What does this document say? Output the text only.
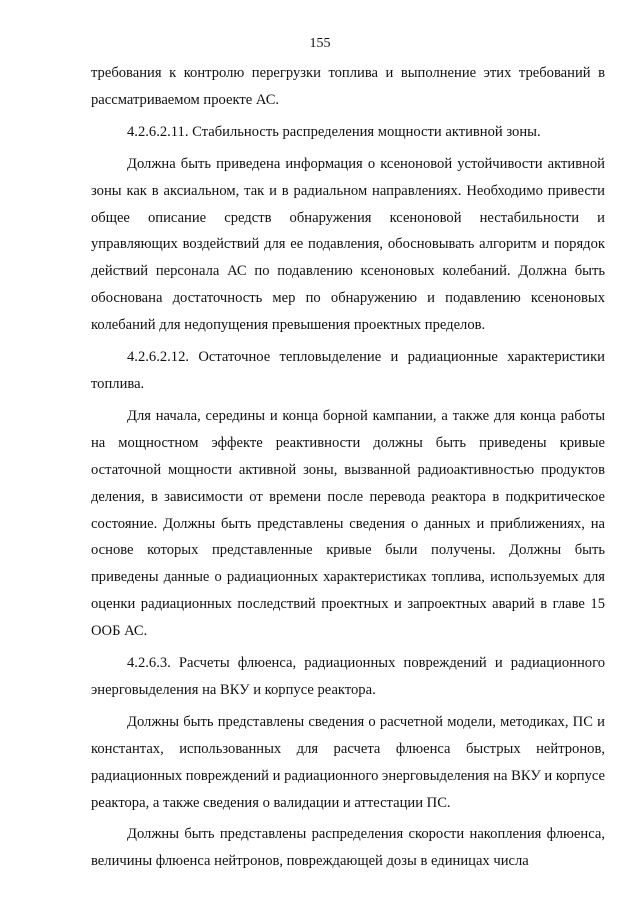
155

требования к контролю перегрузки топлива и выполнение этих требований в рассматриваемом проекте АС.

4.2.6.2.11. Стабильность распределения мощности активной зоны.

Должна быть приведена информация о ксеноновой устойчивости активной зоны как в аксиальном, так и в радиальном направлениях. Необходимо привести общее описание средств обнаружения ксеноновой нестабильности и управляющих воздействий для ее подавления, обосновывать алгоритм и порядок действий персонала АС по подавлению ксеноновых колебаний. Должна быть обоснована достаточность мер по обнаружению и подавлению ксеноновых колебаний для недопущения превышения проектных пределов.

4.2.6.2.12. Остаточное тепловыделение и радиационные характеристики топлива.

Для начала, середины и конца борной кампании, а также для конца работы на мощностном эффекте реактивности должны быть приведены кривые остаточной мощности активной зоны, вызванной радиоактивностью продуктов деления, в зависимости от времени после перевода реактора в подкритическое состояние. Должны быть представлены сведения о данных и приближениях, на основе которых представленные кривые были получены. Должны быть приведены данные о радиационных характеристиках топлива, используемых для оценки радиационных последствий проектных и запроектных аварий в главе 15 ООБ АС.

4.2.6.3. Расчеты флюенса, радиационных повреждений и радиационного энерговыделения на ВКУ и корпусе реактора.

Должны быть представлены сведения о расчетной модели, методиках, ПС и константах, использованных для расчета флюенса быстрых нейтронов, радиационных повреждений и радиационного энерговыделения на ВКУ и корпусе реактора, а также сведения о валидации и аттестации ПС.

Должны быть представлены распределения скорости накопления флюенса, величины флюенса нейтронов, повреждающей дозы в единицах числа
